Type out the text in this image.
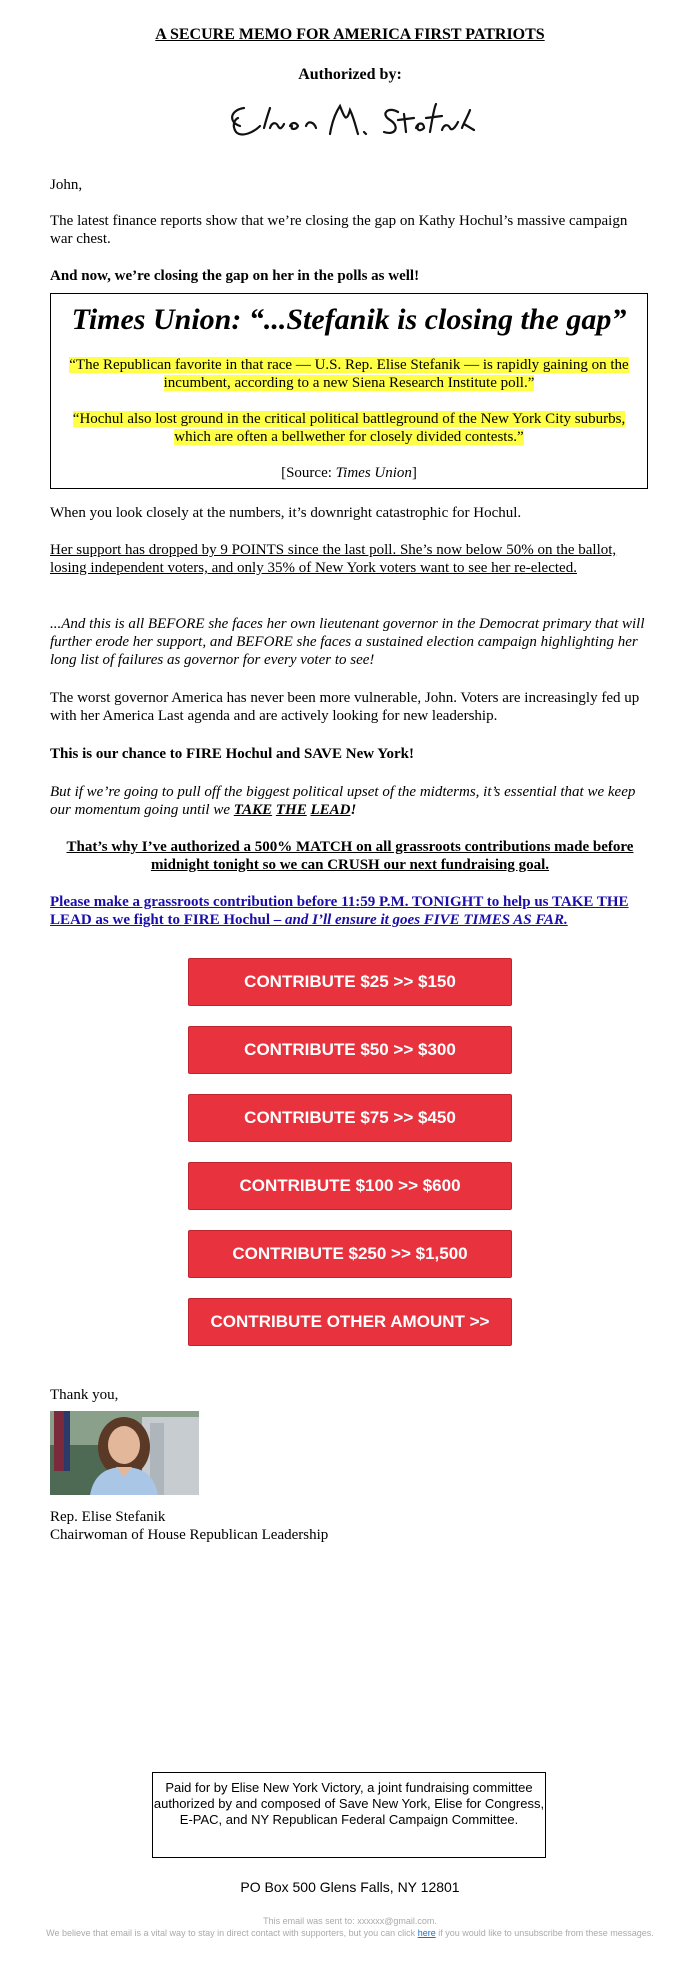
A SECURE MEMO FOR AMERICA FIRST PATRIOTS
Authorized by:
John,
The latest finance reports show that we’re closing the gap on Kathy Hochul’s massive campaign war chest.
And now, we’re closing the gap on her in the polls as well!
Times Union: “...Stefanik is closing the gap”
“The Republican favorite in that race — U.S. Rep. Elise Stefanik — is rapidly gaining on the incumbent, according to a new Siena Research Institute poll.”
“Hochul also lost ground in the critical political battleground of the New York City suburbs, which are often a bellwether for closely divided contests.”
[Source: Times Union]
When you look closely at the numbers, it’s downright catastrophic for Hochul.
Her support has dropped by 9 POINTS since the last poll. She’s now below 50% on the ballot, losing independent voters, and only 35% of New York voters want to see her re-elected.
...And this is all BEFORE she faces her own lieutenant governor in the Democrat primary that will further erode her support, and BEFORE she faces a sustained election campaign highlighting her long list of failures as governor for every voter to see!
The worst governor America has never been more vulnerable, John. Voters are increasingly fed up with her America Last agenda and are actively looking for new leadership.
This is our chance to FIRE Hochul and SAVE New York!
But if we’re going to pull off the biggest political upset of the midterms, it’s essential that we keep our momentum going until we TAKE THE LEAD!
That’s why I’ve authorized a 500% MATCH on all grassroots contributions made before midnight tonight so we can CRUSH our next fundraising goal.
Please make a grassroots contribution before 11:59 P.M. TONIGHT to help us TAKE THE LEAD as we fight to FIRE Hochul – and I’ll ensure it goes FIVE TIMES AS FAR.
CONTRIBUTE $25 >> $150
CONTRIBUTE $50 >> $300
CONTRIBUTE $75 >> $450
CONTRIBUTE $100 >> $600
CONTRIBUTE $250 >> $1,500
CONTRIBUTE OTHER AMOUNT >>
Thank you,
Rep. Elise Stefanik
Chairwoman of House Republican Leadership
Paid for by Elise New York Victory, a joint fundraising committee authorized by and composed of Save New York, Elise for Congress, E-PAC, and NY Republican Federal Campaign Committee.
PO Box 500 Glens Falls, NY 12801
This email was sent to: xxxxxx@gmail.com.
We believe that email is a vital way to stay in direct contact with supporters, but you can click here if you would like to unsubscribe from these messages.
